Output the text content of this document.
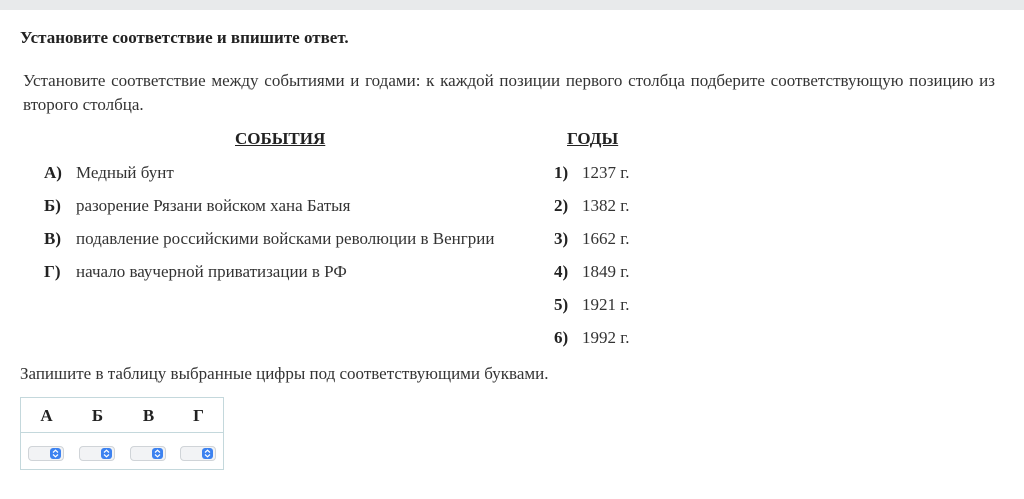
Установите соответствие и впишите ответ.
Установите соответствие между событиями и годами: к каждой позиции первого столбца подберите соответствующую позицию из второго столбца.
СОБЫТИЯ	ГОДЫ
А) Медный бунт
Б) разорение Рязани войском хана Батыя
В) подавление российскими войсками революции в Венгрии
Г) начало ваучерной приватизации в РФ
1) 1237 г.
2) 1382 г.
3) 1662 г.
4) 1849 г.
5) 1921 г.
6) 1992 г.
Запишите в таблицу выбранные цифры под соответствующими буквами.
А	Б	В	Г
